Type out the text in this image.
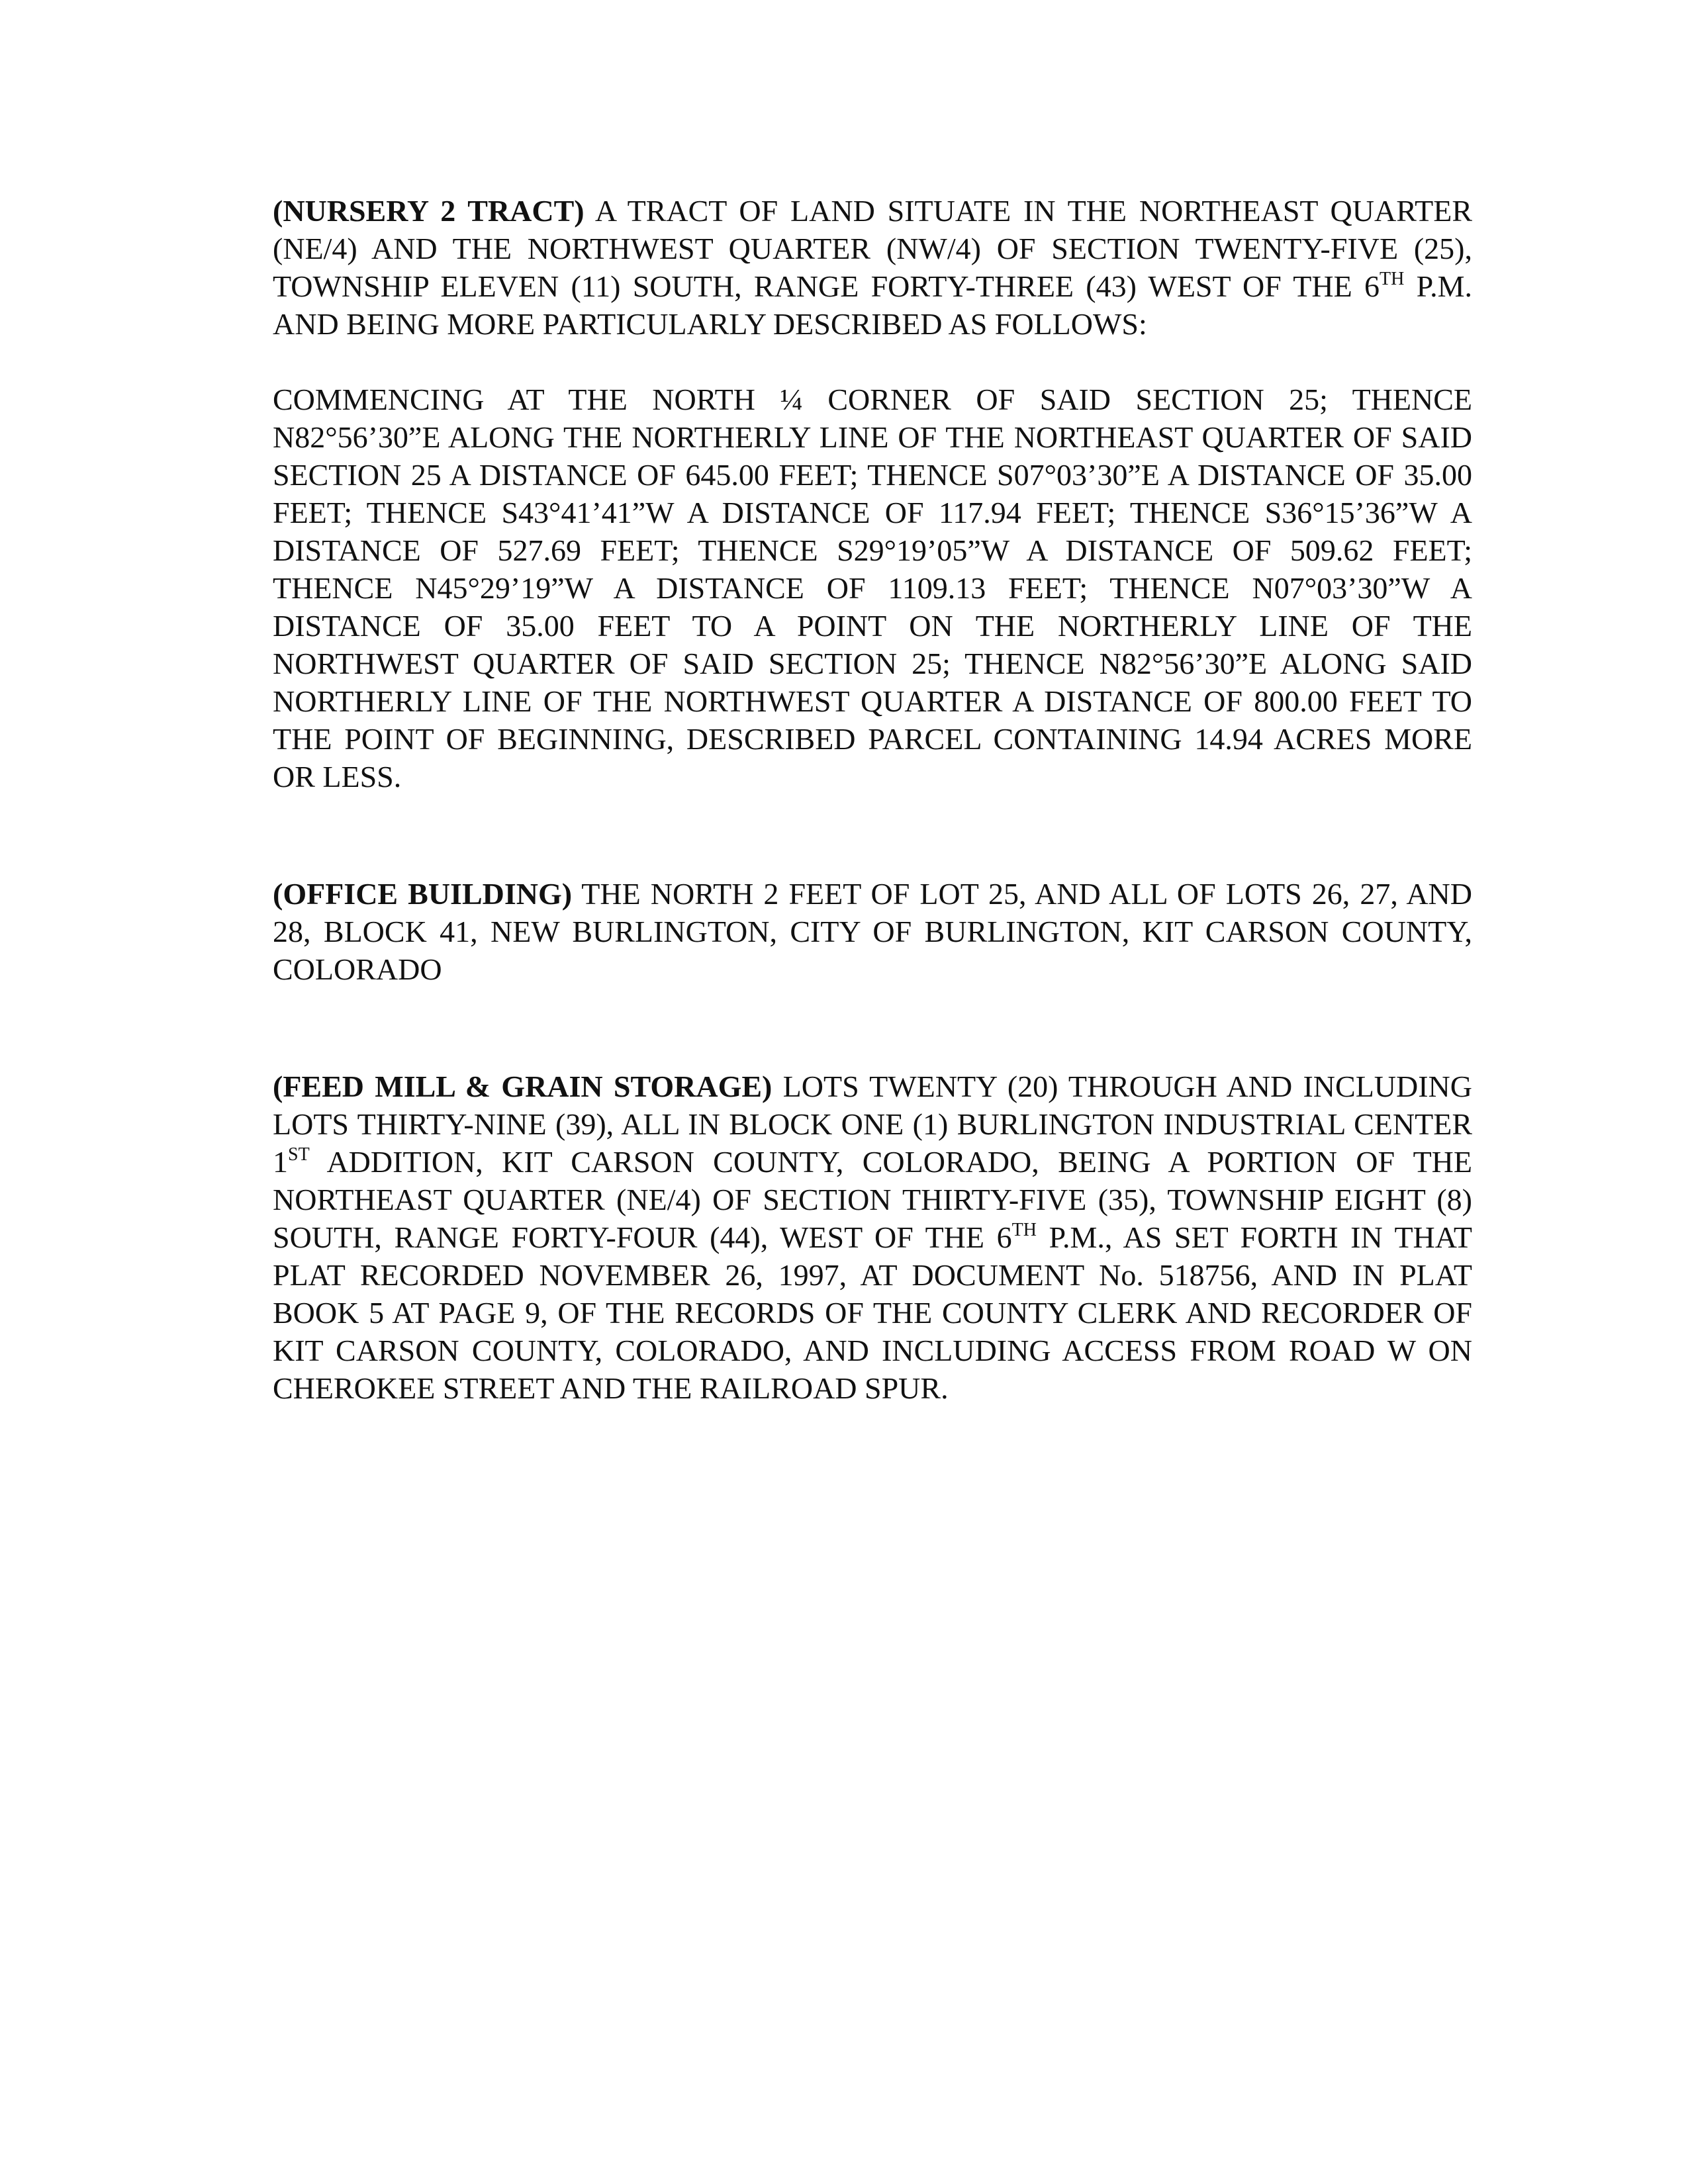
(NURSERY 2 TRACT) A TRACT OF LAND SITUATE IN THE NORTHEAST QUARTER (NE/4) AND THE NORTHWEST QUARTER (NW/4) OF SECTION TWENTY-FIVE (25), TOWNSHIP ELEVEN (11) SOUTH, RANGE FORTY-THREE (43) WEST OF THE 6TH P.M. AND BEING MORE PARTICULARLY DESCRIBED AS FOLLOWS:

COMMENCING AT THE NORTH ¼ CORNER OF SAID SECTION 25; THENCE N82°56’30”E ALONG THE NORTHERLY LINE OF THE NORTHEAST QUARTER OF SAID SECTION 25 A DISTANCE OF 645.00 FEET; THENCE S07°03’30”E A DISTANCE OF 35.00 FEET; THENCE S43°41’41”W A DISTANCE OF 117.94 FEET; THENCE S36°15’36”W A DISTANCE OF 527.69 FEET; THENCE S29°19’05”W A DISTANCE OF 509.62 FEET; THENCE N45°29’19”W A DISTANCE OF 1109.13 FEET; THENCE N07°03’30”W A DISTANCE OF 35.00 FEET TO A POINT ON THE NORTHERLY LINE OF THE NORTHWEST QUARTER OF SAID SECTION 25; THENCE N82°56’30”E ALONG SAID NORTHERLY LINE OF THE NORTHWEST QUARTER A DISTANCE OF 800.00 FEET TO THE POINT OF BEGINNING, DESCRIBED PARCEL CONTAINING 14.94 ACRES MORE OR LESS.

(OFFICE BUILDING) THE NORTH 2 FEET OF LOT 25, AND ALL OF LOTS 26, 27, AND 28, BLOCK 41, NEW BURLINGTON, CITY OF BURLINGTON, KIT CARSON COUNTY, COLORADO

(FEED MILL & GRAIN STORAGE) LOTS TWENTY (20) THROUGH AND INCLUDING LOTS THIRTY-NINE (39), ALL IN BLOCK ONE (1) BURLINGTON INDUSTRIAL CENTER 1ST ADDITION, KIT CARSON COUNTY, COLORADO, BEING A PORTION OF THE NORTHEAST QUARTER (NE/4) OF SECTION THIRTY-FIVE (35), TOWNSHIP EIGHT (8) SOUTH, RANGE FORTY-FOUR (44), WEST OF THE 6TH P.M., AS SET FORTH IN THAT PLAT RECORDED NOVEMBER 26, 1997, AT DOCUMENT No. 518756, AND IN PLAT BOOK 5 AT PAGE 9, OF THE RECORDS OF THE COUNTY CLERK AND RECORDER OF KIT CARSON COUNTY, COLORADO, AND INCLUDING ACCESS FROM ROAD W ON CHEROKEE STREET AND THE RAILROAD SPUR.
